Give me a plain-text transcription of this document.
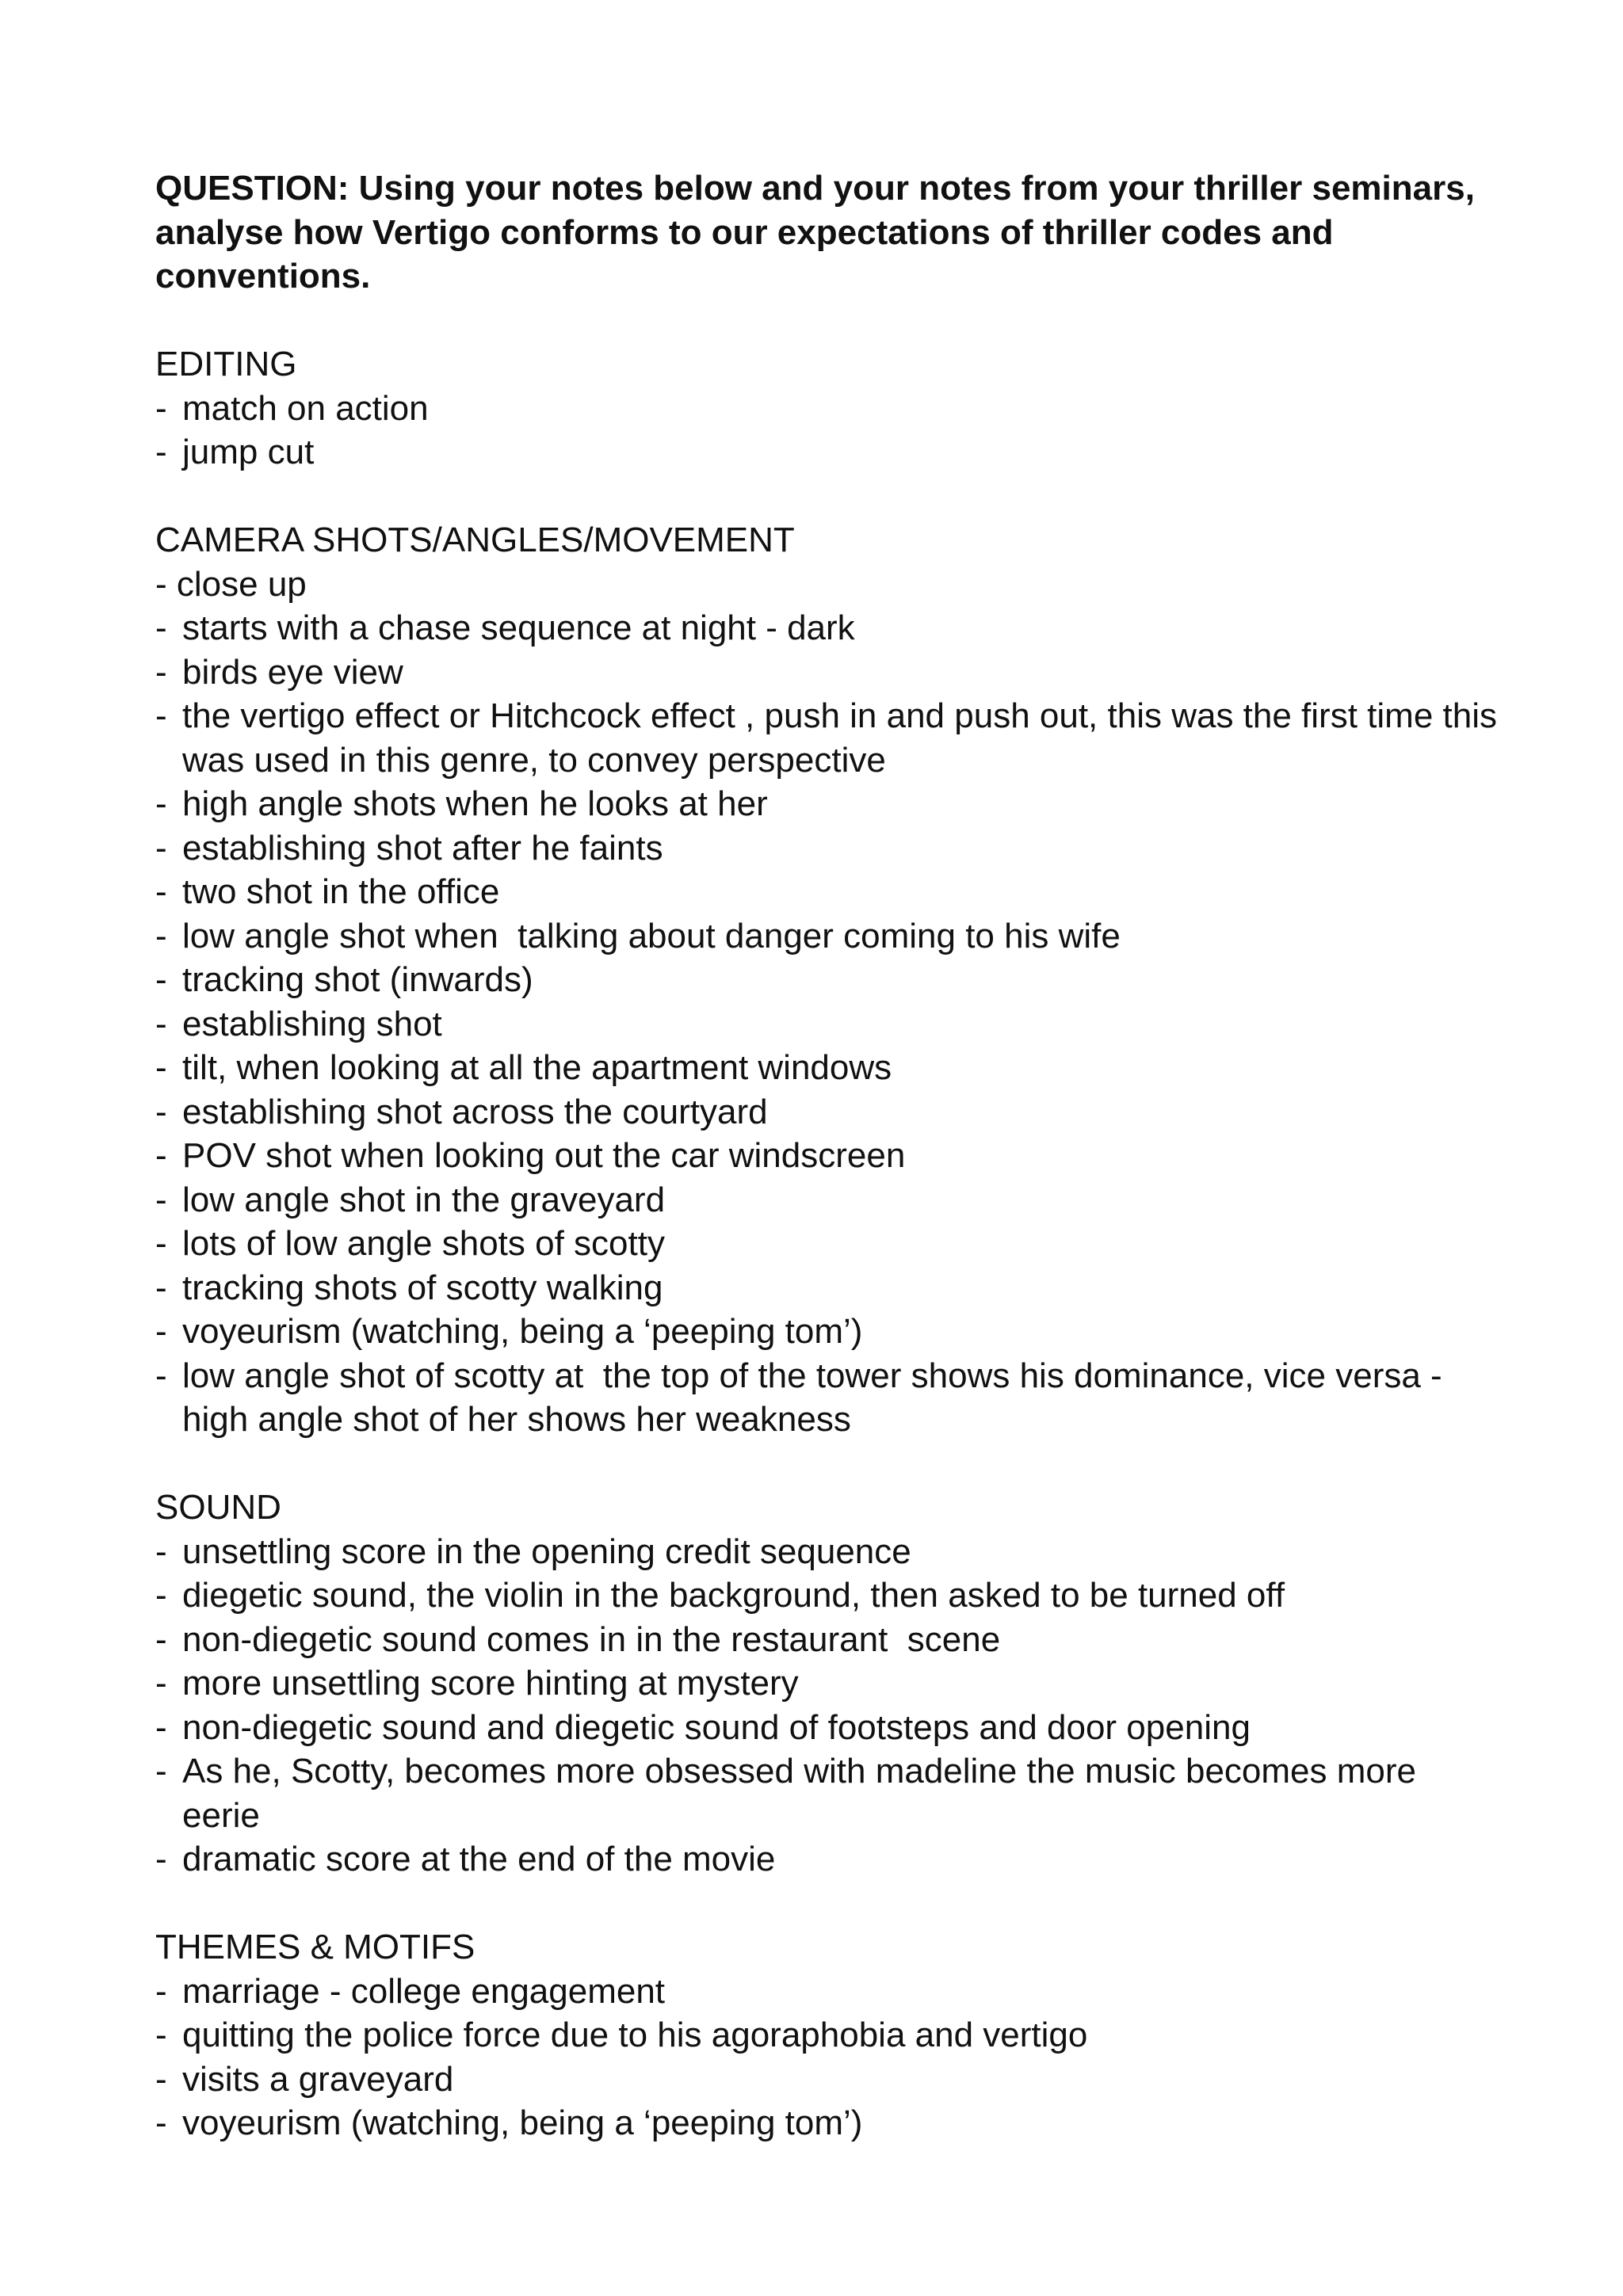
QUESTION: Using your notes below and your notes from your thriller seminars, analyse how Vertigo conforms to our expectations of thriller codes and conventions.

EDITING

- match on action
- jump cut

CAMERA SHOTS/ANGLES/MOVEMENT

- close up
- starts with a chase sequence at night - dark
- birds eye view
- the vertigo effect or Hitchcock effect , push in and push out, this was the first time this was used in this genre, to convey perspective
- high angle shots when he looks at her
- establishing shot after he faints
- two shot in the office
- low angle shot when  talking about danger coming to his wife
- tracking shot (inwards)
- establishing shot
- tilt, when looking at all the apartment windows
- establishing shot across the courtyard
- POV shot when looking out the car windscreen
- low angle shot in the graveyard
- lots of low angle shots of scotty
- tracking shots of scotty walking
- voyeurism (watching, being a ‘peeping tom’)
- low angle shot of scotty at  the top of the tower shows his dominance, vice versa - high angle shot of her shows her weakness

SOUND

- unsettling score in the opening credit sequence
- diegetic sound, the violin in the background, then asked to be turned off
- non-diegetic sound comes in in the restaurant  scene
- more unsettling score hinting at mystery
- non-diegetic sound and diegetic sound of footsteps and door opening
- As he, Scotty, becomes more obsessed with madeline the music becomes more eerie
- dramatic score at the end of the movie

THEMES & MOTIFS

- marriage - college engagement
- quitting the police force due to his agoraphobia and vertigo
- visits a graveyard
- voyeurism (watching, being a ‘peeping tom’)
